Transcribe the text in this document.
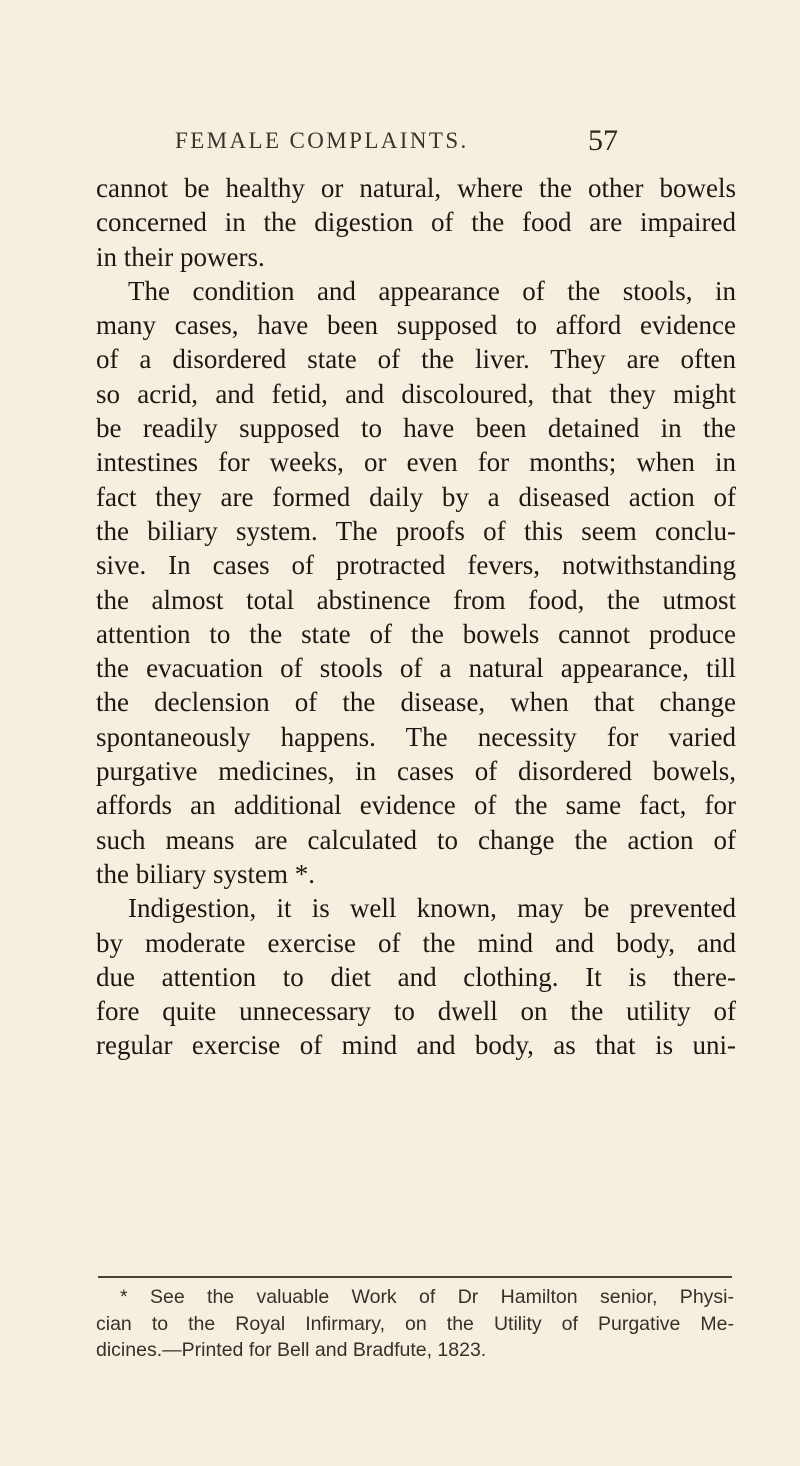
FEMALE COMPLAINTS.	57
cannot be healthy or natural, where the other bowels
concerned in the digestion of the food are impaired
in their powers.
The condition and appearance of the stools, in
many cases, have been supposed to afford evidence
of a disordered state of the liver. They are often
so acrid, and fetid, and discoloured, that they might
be readily supposed to have been detained in the
intestines for weeks, or even for months; when in
fact they are formed daily by a diseased action of
the biliary system. The proofs of this seem conclu-
sive. In cases of protracted fevers, notwithstanding
the almost total abstinence from food, the utmost
attention to the state of the bowels cannot produce
the evacuation of stools of a natural appearance, till
the declension of the disease, when that change
spontaneously happens. The necessity for varied
purgative medicines, in cases of disordered bowels,
affords an additional evidence of the same fact, for
such means are calculated to change the action of
the biliary system *.
Indigestion, it is well known, may be prevented
by moderate exercise of the mind and body, and
due attention to diet and clothing. It is there-
fore quite unnecessary to dwell on the utility of
regular exercise of mind and body, as that is uni-
* See the valuable Work of Dr Hamilton senior, Physi-
cian to the Royal Infirmary, on the Utility of Purgative Me-
dicines.—Printed for Bell and Bradfute, 1823.
